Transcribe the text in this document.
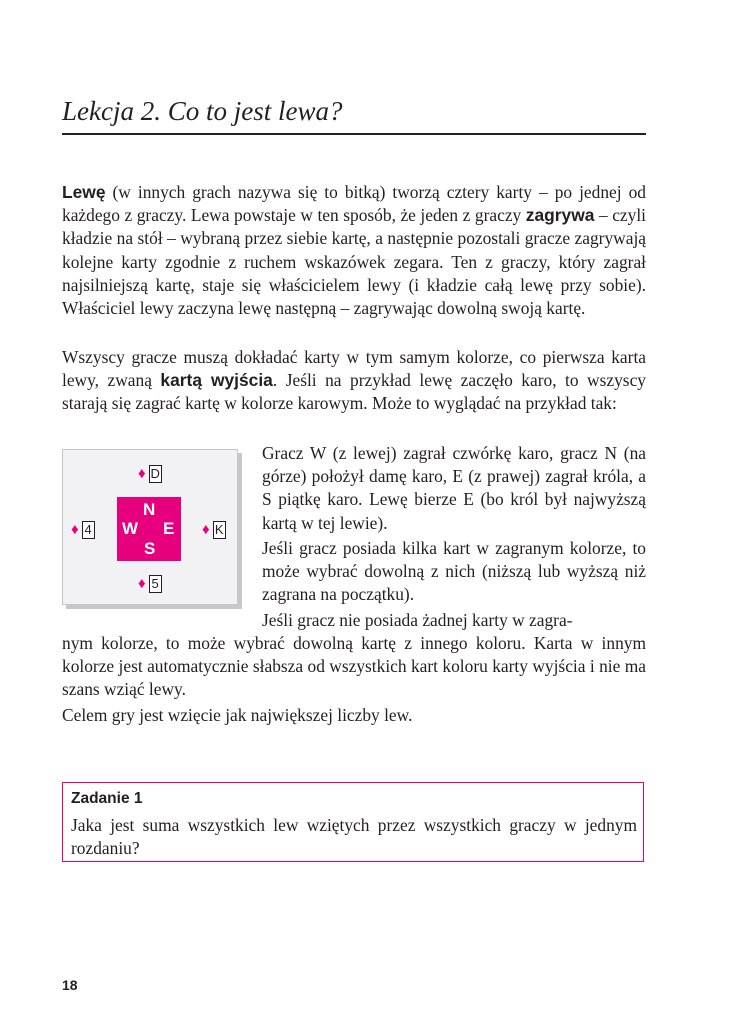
Lekcja 2. Co to jest lewa?

Lewę (w innych grach nazywa się to bitką) tworzą cztery karty – po jednej od każdego z graczy. Lewa powstaje w ten sposób, że jeden z graczy zagrywa – czyli kładzie na stół – wybraną przez siebie kartę, a następnie pozostali gracze zagrywają kolejne karty zgodnie z ruchem wskazówek zegara. Ten z graczy, który zagrał najsilniejszą kartę, staje się właścicielem lewy (i kładzie całą lewę przy sobie). Właściciel lewy zaczyna lewę następną – zagrywając dowolną swoją kartę.

Wszyscy gracze muszą dokładać karty w tym samym kolorze, co pierwsza karta lewy, zwaną kartą wyjścia. Jeśli na przykład lewę zaczęło karo, to wszyscy starają się zagrać kartę w kolorze karowym. Może to wyglądać na przykład tak:

♦ D
♦ 4	♦ K
♦ 5
N
W E
S

Gracz W (z lewej) zagrał czwórkę karo, gracz N (na górze) położył damę karo, E (z prawej) zagrał króla, a S piątkę karo. Lewę bierze E (bo król był najwyższą kartą w tej lewie).

Jeśli gracz posiada kilka kart w zagranym kolorze, to może wybrać dowolną z nich (niższą lub wyższą niż zagrana na początku).

Jeśli gracz nie posiada żadnej karty w zagra-

nym kolorze, to może wybrać dowolną kartę z innego koloru. Karta w innym kolorze jest automatycznie słabsza od wszystkich kart koloru karty wyjścia i nie ma szans wziąć lewy.

Celem gry jest wzięcie jak największej liczby lew.

Zadanie 1

Jaka jest suma wszystkich lew wziętych przez wszystkich graczy w jednym rozdaniu?

18
